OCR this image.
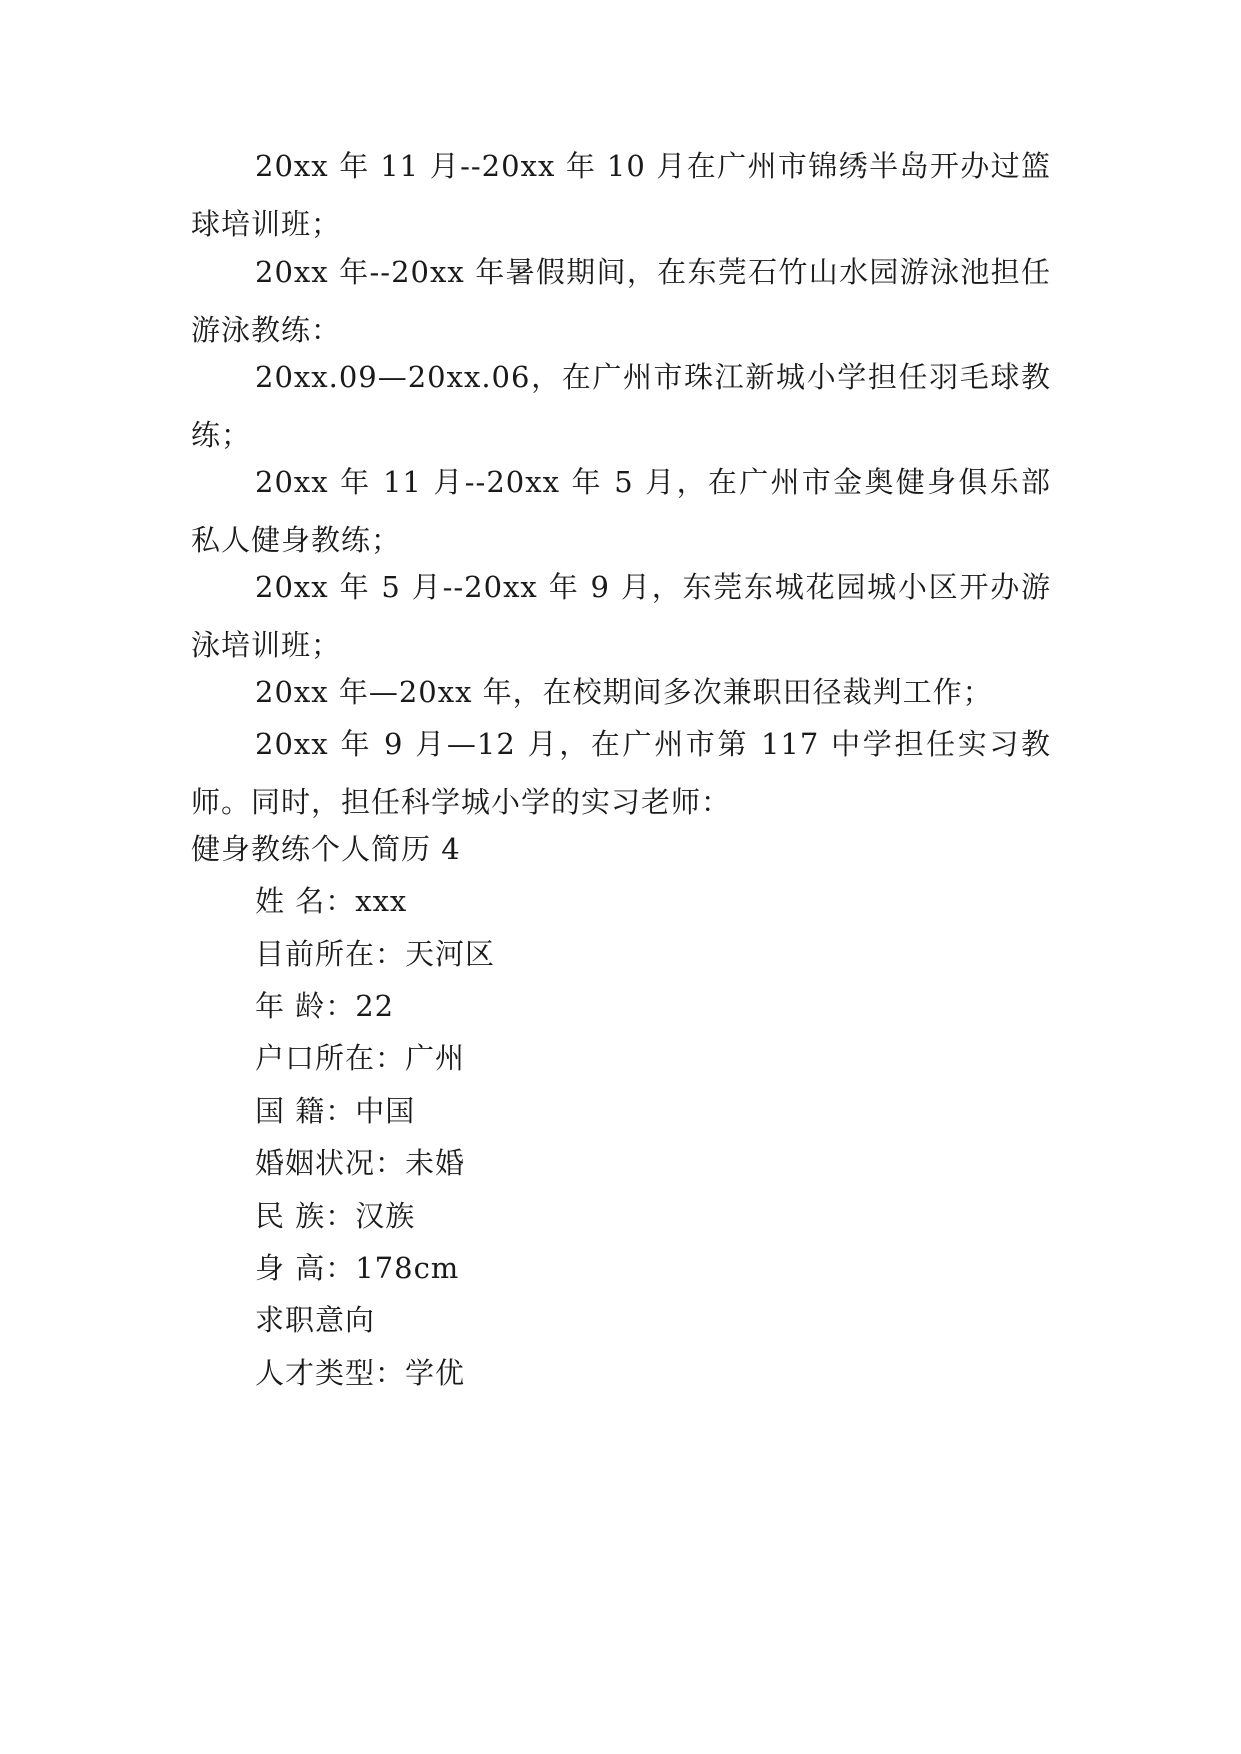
20xx 年 11 月--20xx 年 10 月在广州市锦绣半岛开办过篮球培训班；

20xx 年--20xx 年暑假期间，在东莞石竹山水园游泳池担任游泳教练：

20xx.09—20xx.06，在广州市珠江新城小学担任羽毛球教练；

20xx 年 11 月--20xx 年 5 月，在广州市金奥健身俱乐部私人健身教练；

20xx 年 5 月--20xx 年 9 月，东莞东城花园城小区开办游泳培训班；

20xx 年—20xx 年，在校期间多次兼职田径裁判工作；

20xx 年 9 月—12 月，在广州市第 117 中学担任实习教师。同时，担任科学城小学的实习老师：

健身教练个人简历 4

姓 名：xxx

目前所在：天河区

年 龄：22

户口所在：广州

国 籍：中国

婚姻状况：未婚

民 族：汉族

身 高：178cm

求职意向

人才类型：学优
